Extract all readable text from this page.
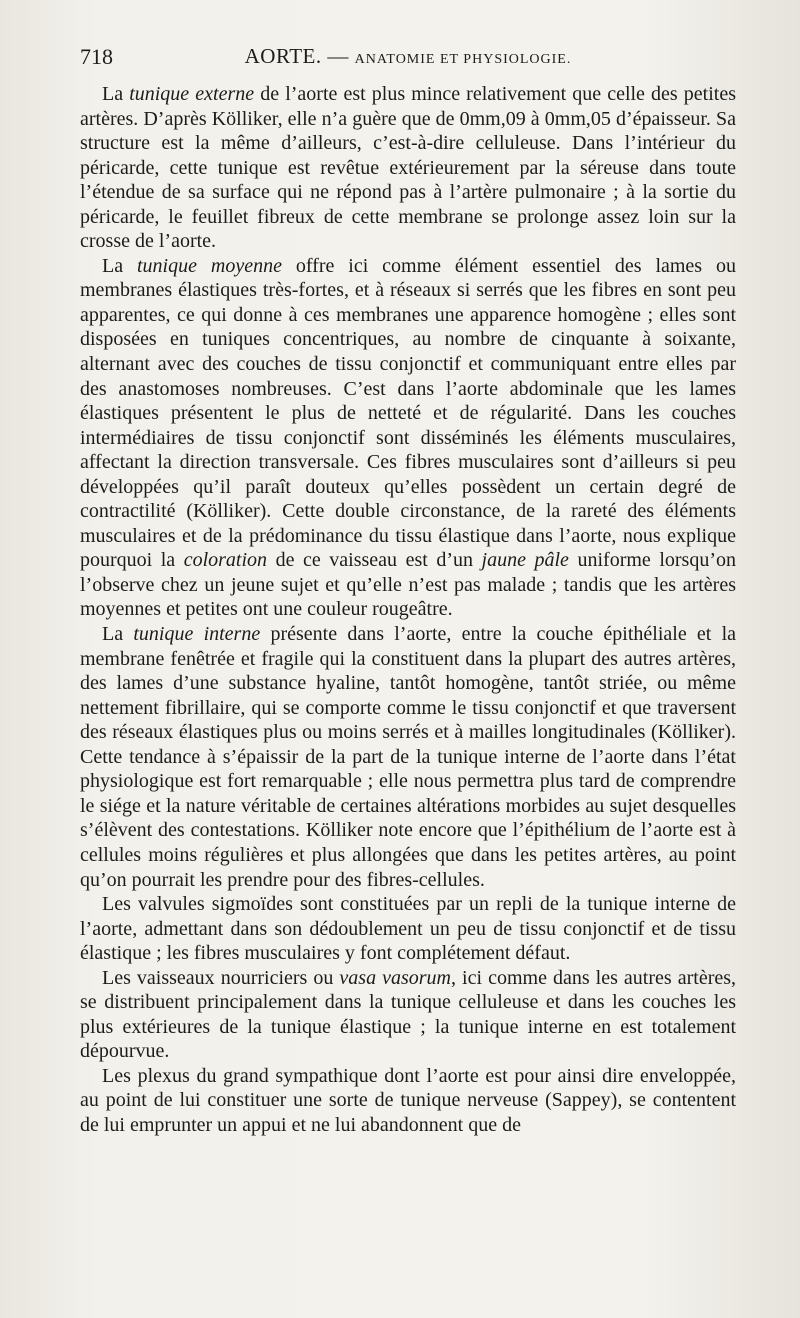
718	AORTE. — ANATOMIE ET PHYSIOLOGIE.

La tunique externe de l’aorte est plus mince relativement que celle des petites artères. D’après Kölliker, elle n’a guère que de 0mm,09 à 0mm,05 d’épaisseur. Sa structure est la même d’ailleurs, c’est-à-dire celluleuse. Dans l’intérieur du péricarde, cette tunique est revêtue extérieurement par la séreuse dans toute l’étendue de sa surface qui ne répond pas à l’artère pulmonaire ; à la sortie du péricarde, le feuillet fibreux de cette membrane se prolonge assez loin sur la crosse de l’aorte.

La tunique moyenne offre ici comme élément essentiel des lames ou membranes élastiques très-fortes, et à réseaux si serrés que les fibres en sont peu apparentes, ce qui donne à ces membranes une apparence homogène ; elles sont disposées en tuniques concentriques, au nombre de cinquante à soixante, alternant avec des couches de tissu conjonctif et communiquant entre elles par des anastomoses nombreuses. C’est dans l’aorte abdominale que les lames élastiques présentent le plus de netteté et de régularité. Dans les couches intermédiaires de tissu conjonctif sont disséminés les éléments musculaires, affectant la direction transversale. Ces fibres musculaires sont d’ailleurs si peu développées qu’il paraît douteux qu’elles possèdent un certain degré de contractilité (Kölliker). Cette double circonstance, de la rareté des éléments musculaires et de la prédominance du tissu élastique dans l’aorte, nous explique pourquoi la coloration de ce vaisseau est d’un jaune pâle uniforme lorsqu’on l’observe chez un jeune sujet et qu’elle n’est pas malade ; tandis que les artères moyennes et petites ont une couleur rougeâtre.

La tunique interne présente dans l’aorte, entre la couche épithéliale et la membrane fenêtrée et fragile qui la constituent dans la plupart des autres artères, des lames d’une substance hyaline, tantôt homogène, tantôt striée, ou même nettement fibrillaire, qui se comporte comme le tissu conjonctif et que traversent des réseaux élastiques plus ou moins serrés et à mailles longitudinales (Kölliker). Cette tendance à s’épaissir de la part de la tunique interne de l’aorte dans l’état physiologique est fort remarquable ; elle nous permettra plus tard de comprendre le siége et la nature véritable de certaines altérations morbides au sujet desquelles s’élèvent des contestations. Kölliker note encore que l’épithélium de l’aorte est à cellules moins régulières et plus allongées que dans les petites artères, au point qu’on pourrait les prendre pour des fibres-cellules.

Les valvules sigmoïdes sont constituées par un repli de la tunique interne de l’aorte, admettant dans son dédoublement un peu de tissu conjonctif et de tissu élastique ; les fibres musculaires y font complétement défaut.

Les vaisseaux nourriciers ou vasa vasorum, ici comme dans les autres artères, se distribuent principalement dans la tunique celluleuse et dans les couches les plus extérieures de la tunique élastique ; la tunique interne en est totalement dépourvue.

Les plexus du grand sympathique dont l’aorte est pour ainsi dire enveloppée, au point de lui constituer une sorte de tunique nerveuse (Sappey), se contentent de lui emprunter un appui et ne lui abandonnent que de
